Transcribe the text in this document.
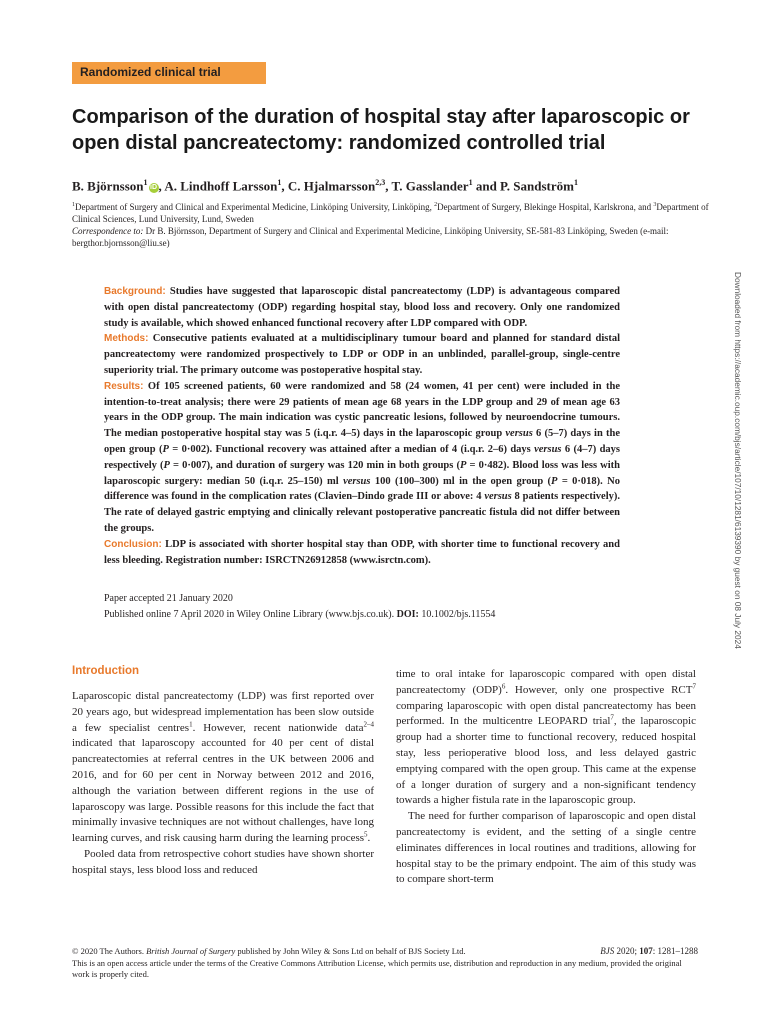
Randomized clinical trial
Comparison of the duration of hospital stay after laparoscopic or open distal pancreatectomy: randomized controlled trial
B. Björnsson$^1$iD , A. Lindhoff Larsson$^1$, C. Hjalmarsson$^{2,3}$, T. Gasslander$^1$ and P. Sandström$^1$
$^1$Department of Surgery and Clinical and Experimental Medicine, Linköping University, Linköping, $^2$Department of Surgery, Blekinge Hospital, Karlskrona, and $^3$Department of Clinical Sciences, Lund University, Lund, Sweden
Correspondence to: Dr B. Björnsson, Department of Surgery and Clinical and Experimental Medicine, Linköping University, SE-581-83 Linköping, Sweden (e-mail: bergthor.bjornsson@liu.se)

Background: Studies have suggested that laparoscopic distal pancreatectomy (LDP) is advantageous compared with open distal pancreatectomy (ODP) regarding hospital stay, blood loss and recovery. Only one randomized study is available, which showed enhanced functional recovery after LDP compared with ODP.

Methods: Consecutive patients evaluated at a multidisciplinary tumour board and planned for standard distal pancreatectomy were randomized prospectively to LDP or ODP in an unblinded, parallel-group, single-centre superiority trial. The primary outcome was postoperative hospital stay.

Results: Of 105 screened patients, 60 were randomized and 58 (24 women, 41 per cent) were included in the intention-to-treat analysis; there were 29 patients of mean age 68 years in the LDP group and 29 of mean age 63 years in the ODP group. The main indication was cystic pancreatic lesions, followed by neuroendocrine tumours. The median postoperative hospital stay was 5 (i.q.r. 4–5) days in the laparoscopic group versus 6 (5–7) days in the open group (P = 0·002). Functional recovery was attained after a median of 4 (i.q.r. 2–6) days versus 6 (4–7) days respectively (P = 0·007), and duration of surgery was 120 min in both groups (P = 0·482). Blood loss was less with laparoscopic surgery: median 50 (i.q.r. 25–150) ml versus 100 (100–300) ml in the open group (P = 0·018). No difference was found in the complication rates (Clavien–Dindo grade III or above: 4 versus 8 patients respectively). The rate of delayed gastric emptying and clinically relevant postoperative pancreatic fistula did not differ between the groups.

Conclusion: LDP is associated with shorter hospital stay than ODP, with shorter time to functional recovery and less bleeding. Registration number: ISRCTN26912858 (www.isrctn.com).

Paper accepted 21 January 2020
Published online 7 April 2020 in Wiley Online Library (www.bjs.co.uk). DOI: 10.1002/bjs.11554
Introduction

Laparoscopic distal pancreatectomy (LDP) was first reported over 20 years ago, but widespread implementation has been slow outside a few specialist centres$^1$. However, recent nationwide data$^{2-4}$ indicated that laparoscopy accounted for 40 per cent of distal pancreatectomies at referral centres in the UK between 2006 and 2016, and for 60 per cent in Norway between 2012 and 2016, although the variation between different regions in the use of laparoscopy was large. Possible reasons for this include the fact that minimally invasive techniques are not without challenges, have long learning curves, and risk causing harm during the learning process$^5$.

Pooled data from retrospective cohort studies have shown shorter hospital stays, less blood loss and reduced

time to oral intake for laparoscopic compared with open distal pancreatectomy (ODP)$^6$. However, only one prospective RCT$^7$ comparing laparoscopic with open distal pancreatectomy has been performed. In the multicentre LEOPARD trial$^7$, the laparoscopic group had a shorter time to functional recovery, reduced hospital stay, less perioperative blood loss, and less delayed gastric emptying compared with the open group. This came at the expense of a longer duration of surgery and a non-significant tendency towards a higher fistula rate in the laparoscopic group.

The need for further comparison of laparoscopic and open distal pancreatectomy is evident, and the setting of a single centre eliminates differences in local routines and traditions, allowing for hospital stay to be the primary endpoint. The aim of this study was to compare short-term

Downloaded from https://academic.oup.com/bjs/article/107/10/1281/6139390 by guest on 08 July 2024
© 2020 The Authors. British Journal of Surgery published by John Wiley & Sons Ltd on behalf of BJS Society Ltd.	BJS 2020; 107: 1281–1288
This is an open access article under the terms of the Creative Commons Attribution License, which permits use, distribution and reproduction in any medium, provided the original work is properly cited.
